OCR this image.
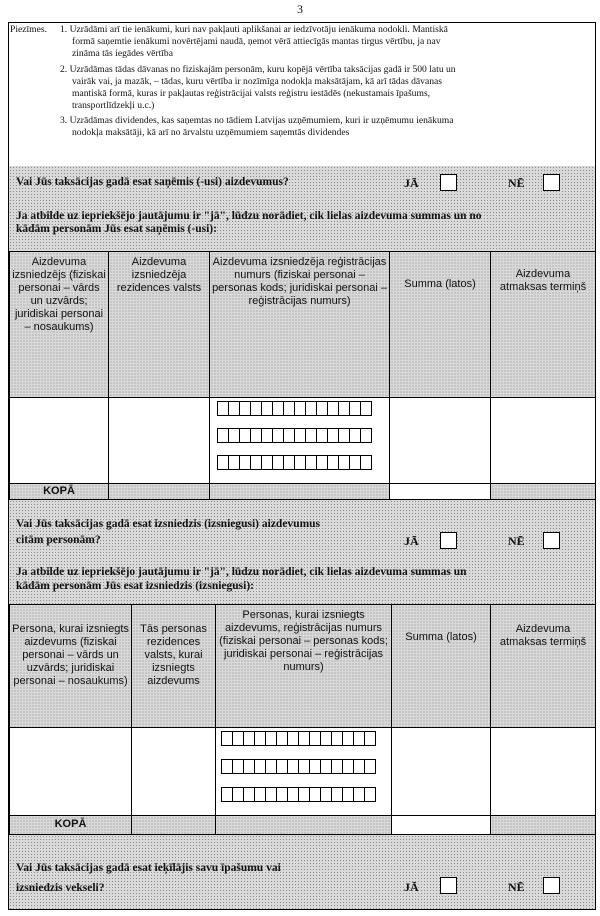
3
Piezīmes. 1. Uzrādāmi arī tie ienākumi, kuri nav pakļauti aplikšanai ar iedzīvotāju ienākuma nodokli. Mantiskā
formā saņemtie ienākumi novērtējami naudā, ņemot vērā attiecīgās mantas tirgus vērtību, ja nav
zināma tās iegādes vērtība
2. Uzrādāmas tādas dāvanas no fiziskajām personām, kuru kopējā vērtība taksācijas gadā ir 500 latu un
vairāk vai, ja mazāk, – tādas, kuru vērtība ir nozīmīga nodokļa maksātājam, kā arī tādas dāvanas
mantiskā formā, kuras ir pakļautas reģistrācijai valsts reģistru iestādēs (nekustamais īpašums,
transportlīdzekļi u.c.)
3. Uzrādāmas dividendes, kas saņemtas no tādiem Latvijas uzņēmumiem, kuri ir uzņēmumu ienākuma
nodokļa maksātāji, kā arī no ārvalstu uzņēmumiem saņemtās dividendes
Vai Jūs taksācijas gadā esat saņēmis (-usi) aizdevumus?	JĀ	NĒ
Ja atbilde uz iepriekšējo jautājumu ir "jā", lūdzu norādiet, cik lielas aizdevuma summas un no
kādām personām Jūs esat saņēmis (-usi):
Aizdevuma izsniedzējs (fiziskai personai – vārds un uzvārds; juridiskai personai – nosaukums)	Aizdevuma izsniedzēja rezidences valsts	Aizdevuma izsniedzēja reģistrācijas numurs (fiziskai personai – personas kods; juridiskai personai – reģistrācijas numurs)	Summa (latos)	Aizdevuma atmaksas termiņš

KOPĀ				
Vai Jūs taksācijas gadā esat izsniedzis (izsniegusi) aizdevumus
citām personām?	JĀ	NĒ
Ja atbilde uz iepriekšējo jautājumu ir "jā", lūdzu norādiet, cik lielas aizdevuma summas un
kādām personām Jūs esat izsniedzis (izsniegusi):
Persona, kurai izsniegts aizdevums (fiziskai personai – vārds un uzvārds; juridiskai personai – nosaukums)	Tās personas rezidences valsts, kurai izsniegts aizdevums	Personas, kurai izsniegts aizdevums, reģistrācijas numurs (fiziskai personai – personas kods; juridiskai personai – reģistrācijas numurs)	Summa (latos)	Aizdevuma atmaksas termiņš

KOPĀ				
Vai Jūs taksācijas gadā esat ieķīlājis savu īpašumu vai
izsniedzis vekseli?	JĀ	NĒ
